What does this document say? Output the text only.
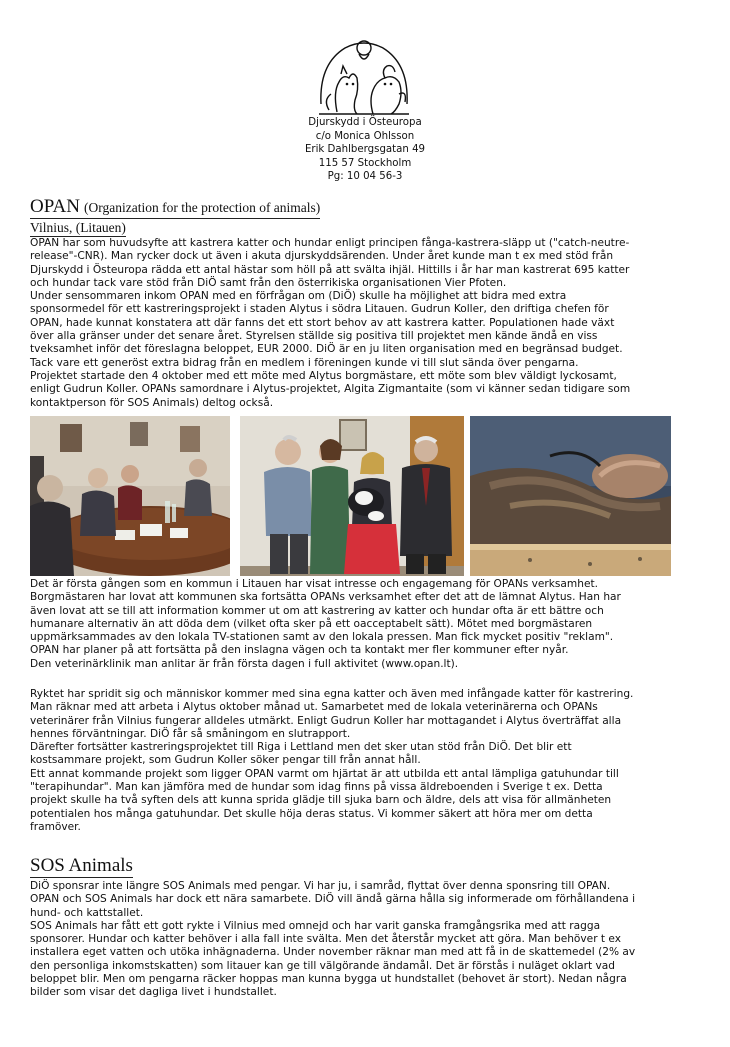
Djurskydd i Östeuropa
c/o Monica Ohlsson
Erik Dahlbergsgatan 49
115 57 Stockholm
Pg: 10 04 56-3
OPAN (Organization for the protection of animals)
Vilnius, (Litauen)
OPAN har som huvudsyfte att kastrera katter och hundar enligt principen fånga-kastrera-släpp ut ("catch-neutre-
release"-CNR). Man rycker dock ut även i akuta djurskyddsärenden. Under året kunde man t ex med stöd från
Djurskydd i Östeuropa rädda ett antal hästar som höll på att svälta ihjäl. Hittills i år har man kastrerat 695 katter
och hundar tack vare stöd från DiÖ samt från den österrikiska organisationen Vier Pfoten.
Under sensommaren inkom OPAN med en förfrågan om (DiÖ) skulle ha möjlighet att bidra med extra
sponsormedel för ett kastreringsprojekt i staden Alytus i södra Litauen. Gudrun Koller, den driftiga chefen för
OPAN, hade kunnat konstatera att där fanns det ett stort behov av att kastrera katter. Populationen hade växt
över alla gränser under det senare året. Styrelsen ställde sig positiva till projektet men kände ändå en viss
tveksamhet inför det föreslagna beloppet, EUR 2000. DiÖ är en ju liten organisation med en begränsad budget.
Tack vare ett generöst extra bidrag från en medlem i föreningen kunde vi till slut sända över pengarna.
Projektet startade den 4 oktober med ett möte med Alytus borgmästare, ett möte som blev väldigt lyckosamt,
enligt Gudrun Koller. OPANs samordnare i Alytus-projektet, Algita Zigmantaite (som vi känner sedan tidigare som
kontaktperson för SOS Animals) deltog också.
Det är första gången som en kommun i Litauen har visat intresse och engagemang för OPANs verksamhet.
Borgmästaren har lovat att kommunen ska fortsätta OPANs verksamhet efter det att de lämnat Alytus. Han har
även lovat att se till att information kommer ut om att kastrering av katter och hundar ofta är ett bättre och
humanare alternativ än att döda dem (vilket ofta sker på ett oacceptabelt sätt). Mötet med borgmästaren
uppmärksammades av den lokala TV-stationen samt av den lokala pressen. Man fick mycket positiv "reklam".
OPAN har planer på att fortsätta på den inslagna vägen och ta kontakt mer fler kommuner efter nyår.
Den veterinärklinik man anlitar är från första dagen i full aktivitet (www.opan.lt).
Ryktet har spridit sig och människor kommer med sina egna katter och även med infångade katter för kastrering.
Man räknar med att arbeta i Alytus oktober månad ut. Samarbetet med de lokala veterinärerna och OPANs
veterinärer från Vilnius fungerar alldeles utmärkt. Enligt Gudrun Koller har mottagandet i Alytus överträffat alla
hennes förväntningar. DiÖ får så småningom en slutrapport.
Därefter fortsätter kastreringsprojektet till Riga i Lettland men det sker utan stöd från DiÖ. Det blir ett
kostsammare projekt, som Gudrun Koller söker pengar till från annat håll.
Ett annat kommande projekt som ligger OPAN varmt om hjärtat är att utbilda ett antal lämpliga gatuhundar till
"terapihundar". Man kan jämföra med de hundar som idag finns på vissa äldreboenden i Sverige t ex. Detta
projekt skulle ha två syften dels att kunna sprida glädje till sjuka barn och äldre, dels att visa för allmänheten
potentialen hos många gatuhundar. Det skulle höja deras status. Vi kommer säkert att höra mer om detta
framöver.
SOS Animals
DiÖ sponsrar inte längre SOS Animals med pengar. Vi har ju, i samråd, flyttat över denna sponsring till OPAN.
OPAN och SOS Animals har dock ett nära samarbete. DiÖ vill ändå gärna hålla sig informerade om förhållandena i
hund- och kattstallet.
SOS Animals har fått ett gott rykte i Vilnius med omnejd och har varit ganska framgångsrika med att ragga
sponsorer. Hundar och katter behöver i alla fall inte svälta. Men det återstår mycket att göra. Man behöver t ex
installera eget vatten och utöka inhägnaderna. Under november räknar man med att få in de skattemedel (2% av
den personliga inkomstskatten) som litauer kan ge till välgörande ändamål. Det är förstås i nuläget oklart vad
beloppet blir. Men om pengarna räcker hoppas man kunna bygga ut hundstallet (behovet är stort). Nedan några
bilder som visar det dagliga livet i hundstallet.
